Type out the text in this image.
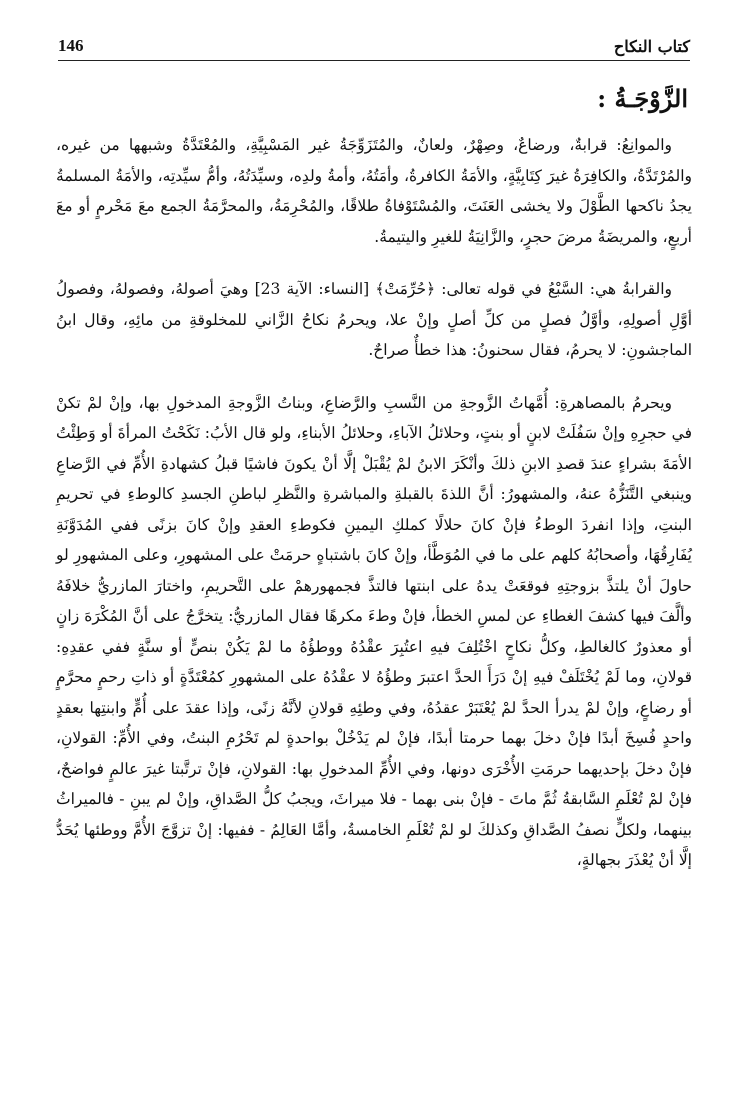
146	كتاب النكاح
الزَّوْجَـةُ :

والموانِعُ: قرابةٌ، ورضاعٌ، وصِهْرٌ، ولعانٌ، والمُتَزَوِّجَةُ غير المَسْبِيَّةِ، والمُعْتَدَّةُ وشبهها من غيره، والمُرْتَدَّةُ، والكافِرَةُ غيرَ كِتَابِيَّةٍ، والأمَةُ الكافرةُ، وأمَتُهُ، وأمةُ ولدِه، وسيِّدَتُهُ، وأمُّ سيِّدتِه، والأمَةُ المسلمةُ يجدُ ناكحها الطَّوْلَ ولا يخشى العَنَتَ، والمُسْتَوْفاةُ طلاقًا، والمُحْرِمَةُ، والمحرَّمَةُ الجمع معَ مَحْرمٍ أو معَ أربعٍ، والمريضَةُ مرضَ حجرٍ، والزَّانِيَةُ للغيرِ واليتيمةُ.

والقرابةُ هي: السَّبْعُ في قوله تعالى: ﴿حُرِّمَتْ﴾ [النساء: الآية 23] وهيَ أصولهُ، وفصولهُ، وفصولُ أوَّلِ أصولِهِ، وأوَّلُ فصلٍ من كلِّ أصلٍ وإنْ علا، ويحرمُ نكاحُ الزَّاني للمخلوقةِ من مائِهِ، وقال ابنُ الماجشونِ: لا يحرمُ، فقال سحنونُ: هذا خطأٌ صراحٌ.

ويحرمُ بالمصاهرةِ: أُمَّهاتُ الزَّوجةِ من النَّسبِ والرَّضاعِ، وبناتُ الزَّوجةِ المدخولِ بها، وإنْ لمْ تكنْ في حجرِهِ وإنْ سَفُلَتْ لابنٍ أو بنتٍ، وحلائلُ الآباءِ، وحلائلُ الأبناءِ، ولو قال الأبُ: نَكَحْتُ المرأةَ أو وَطِئْتُ الأمَةَ بشراءٍ عندَ قصدِ الابنِ ذلكَ وأنْكَرَ الابنُ لمْ يُقْبَلْ إلَّا أنْ يكونَ فاشيًا قبلُ كشهادةِ الأُمِّ في الرَّضاعِ وينبغي التَّنَزُّهُ عنهُ، والمشهورُ: أنَّ اللذةَ بالقبلةِ والمباشرةِ والنَّظرِ لباطنِ الجسدِ كالوطءِ في تحريمِ البنتِ، وإذا انفردَ الوطءُ فإنْ كانَ حلالًا كملكِ اليمينِ فكوطءِ العقدِ وإنْ كانَ بزنًى ففي المُدَوَّنَةِ يُفَارِقُهَا، وأصحابُهُ كلهم على ما في المُوَطَّأ، وإنْ كانَ باشتباهٍ حرمَتْ على المشهورِ، وعلى المشهورِ لو حاولَ أنْ يلتذَّ بزوجتِهِ فوقعَتْ يدهُ على ابنتها فالتذَّ فجمهورهمْ على التَّحريمِ، واختارَ المازريُّ خلافَهُ وألَّفَ فيها كشفَ الغطاءِ عن لمسِ الخطأ، فإنْ وطءَ مكرهًا فقال المازريُّ: يتخرَّجُ على أنَّ المُكْرَهَ زانٍ أو معذورٌ كالغالطِ، وكلُّ نكاحٍ اخْتُلِفَ فيهِ اعتُبِرَ عقْدُهُ ووطؤُهُ ما لمْ يَكُنْ بنصٍّ أو سنَّةٍ ففي عقدِهِ: قولانِ، وما لَمْ يُخْتَلَفْ فيهِ إنْ دَرَأَ الحدَّ اعتبرَ وطؤُهُ لا عقْدُهُ على المشهورِ كمُعْتَدَّةٍ أو ذاتِ رحمٍ محرَّمٍ أو رضاعٍ، وإنْ لمْ يدرأ الحدَّ لمْ يُعْتَبَرْ عقدُهُ، وفي وطئِهِ قولانِ لأنَّهُ زنًى، وإذا عقدَ على أُمٍّ وابنتِها بعقدٍ واحدٍ فُسِخَ أبدًا فإنْ دخلَ بهما حرمتا أبدًا، فإنْ لم يَدْخُلْ بواحدةٍ لم تَحْرُمِ البنتُ، وفي الأُمِّ: القولانِ، فإنْ دخلَ بإحديهما حرمَتِ الأُخْرَى دونها، وفي الأُمِّ المدخولِ بها: القولانِ، فإنْ ترتَّبتا غيرَ عالمٍ فواضحٌ، فإنْ لمْ تُعْلَمِ السَّابقةُ ثُمَّ ماتَ - فإنْ بنى بهما - فلا ميراثَ، ويجبُ كلُّ الصَّداقِ، وإنْ لم يبنِ - فالميراثُ بينهما، ولكلٍّ نصفُ الصَّداقِ وكذلكَ لو لمْ تُعْلَمِ الخامسةُ، وأمَّا العَالِمُ - ففيها: إنْ تزوَّجَ الأُمَّ ووطئها يُحَدُّ إلَّا أنْ يُعْذَرَ بجهالةٍ،
